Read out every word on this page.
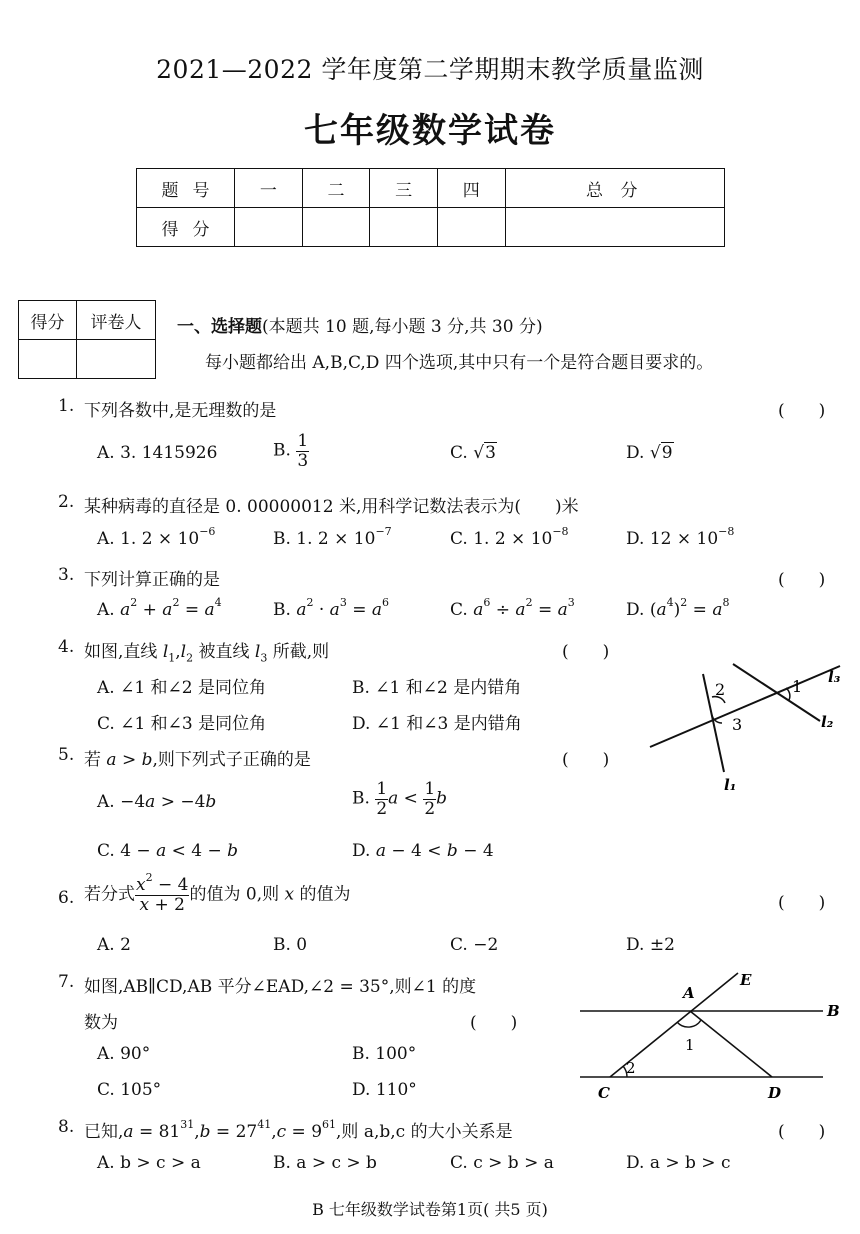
2021—2022 学年度第二学期期末教学质量监测
七年级数学试卷
题号	一	二	三	四	总 分
得分					
得分	评卷人
	一、选择题(本题共 10 题,每小题 3 分,共 30 分)
每小题都给出 A,B,C,D 四个选项,其中只有一个是符合题目要求的。
1. 下列各数中,是无理数的是	(　　)
A. 3. 1415926	B. $\frac{1}{3}$	C. √3	D. √9
2. 某种病毒的直径是 0. 00000012 米,用科学记数法表示为(　　)米
A. 1. $2 \times 10^{-6}$	B. 1. $2 \times 10^{-7}$	C. 1. $2 \times 10^{-8}$	D. $12 \times 10^{-8}$
3. 下列计算正确的是	(　　)
A. $a^2 + a^2 = a^4$	B. $a^2 \cdot a^3 = a^6$	C. $a^6 \div a^2 = a^3$	D. $(a^4)^2 = a^8$
4. 如图,直线 $l_1,l_2$ 被直线 $l_3$ 所截,则	(　　)
A. ∠1 和∠2 是同位角	B. ∠1 和∠2 是内错角
C. ∠1 和∠3 是同位角	D. ∠1 和∠3 是内错角
2
3
1 l₃
l₂
l₁
5. 若 a > b,则下列式子正确的是	(　　)
A. −4a > −4b	B. $\frac{1}{2}$ $a < \frac{1}{2}$ b
C. 4 − a < 4 − b	D. a − 4 < b − 4
6. 若分式 $\frac{x^2 - 4}{x + 2}$ 的值为 0,则 x 的值为	(　　)
A. 2	B. 0	C. −2	D. ±2
7. 如图,AB∥CD,AB 平分∠EAD,∠2 = 35°,则∠1 的度
数为	(　　)
A. 90°	B. 100°
C. 105°	D. 110°
A
E
B
C	D
1
2
8. 已知$,a = 81^{31},b = 27^{41},c = 9^{61}$,则 a,b,c 的大小关系是	(　　)
A. b > c > a	B. a > c > b	C. c > b > a	D. a > b > c
B 七年级数学试卷第1页( 共5 页)
